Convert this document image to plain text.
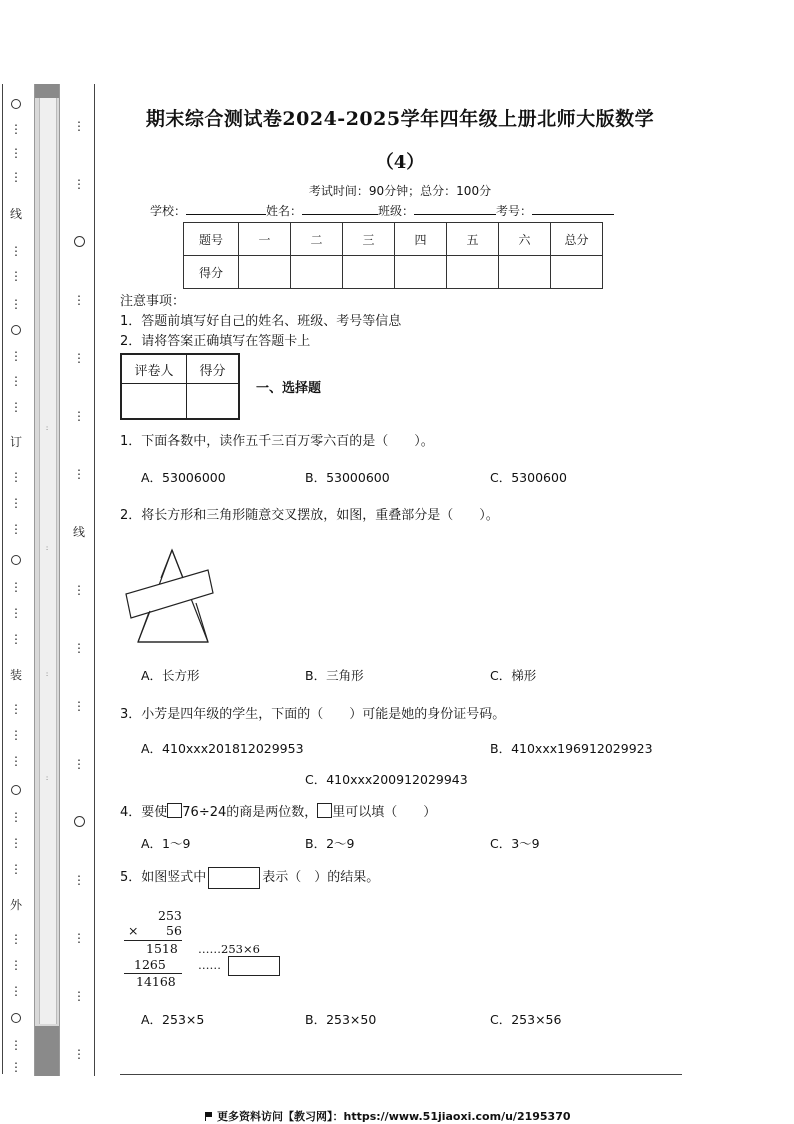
⋮
⋮
⋮
线
⋮
⋮
⋮
⋮
⋮
⋮
订
⋮
⋮
⋮
⋮
⋮
⋮
装
⋮
⋮
⋮
⋮
⋮
⋮
外
⋮
⋮
⋮
⋮
⋮
:
:
:
:
⋮
⋮
⋮
⋮
⋮
⋮
线
⋮
⋮
⋮
⋮
⋮
⋮
⋮
⋮
期末综合测试卷2024-2025学年四年级上册北师大版数学
（4）
考试时间：90分钟；总分：100分
学校：	姓名：	班级：	考号：
题号	一	二	三	四	五	六	总分
得分							
注意事项：
1．答题前填写好自己的姓名、班级、考号等信息
2．请将答案正确填写在答题卡上
评卷人	得分

一、选择题
1．下面各数中，读作五千三百万零六百的是（　　）。
A．53006000	B．53000600	C．5300600
2．将长方形和三角形随意交叉摆放，如图，重叠部分是（　　）。
A．长方形	B．三角形	C．梯形
3．小芳是四年级的学生，下面的（　　）可能是她的身份证号码。
A．410xxx201812029953	B．410xxx196912029923
C．410xxx200912029943
4．要使 76÷24的商是两位数， 里可以填（　　）
A．1～9	B．2～9	C．3～9
5．如图竖式中	表示（　）的结果。
253
× 56
1518 ……253×6
1265	……
14168
A．253×5	B．253×50	C．253×56
更多资料访问【教习网】：https://www.51jiaoxi.com/u/2195370
